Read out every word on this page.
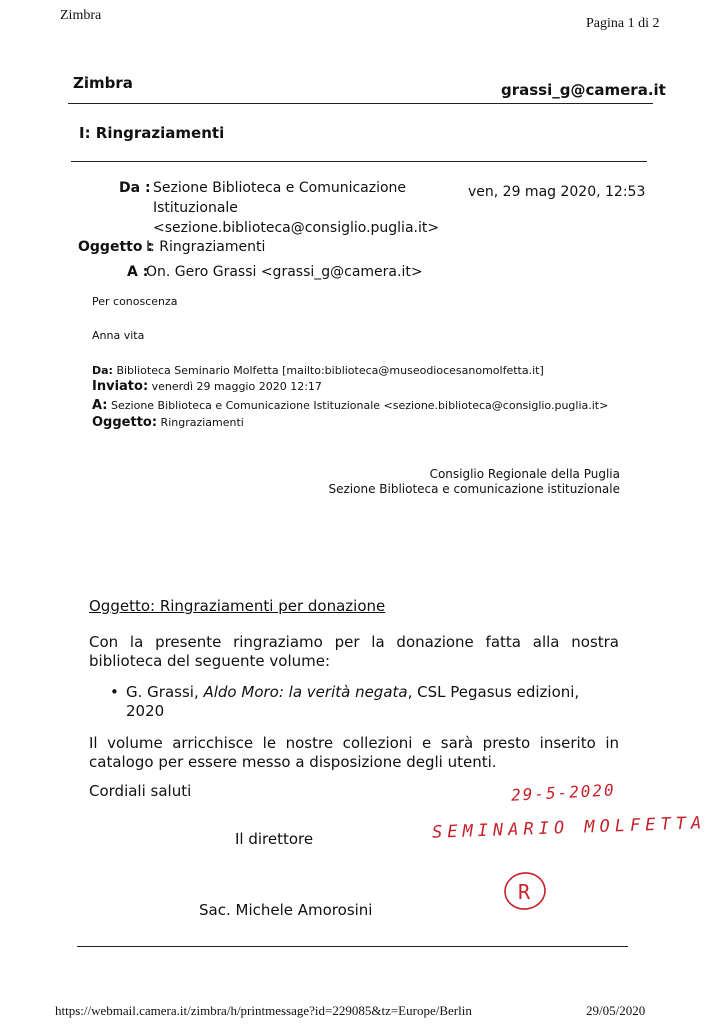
Zimbra
Pagina 1 di 2
Zimbra	grassi_g@camera.it
I: Ringraziamenti
Da : Sezione Biblioteca e Comunicazione Istituzionale <sezione.biblioteca@consiglio.puglia.it>
ven, 29 mag 2020, 12:53
Oggetto :
I: Ringraziamenti
A :
On. Gero Grassi <grassi_g@camera.it>
Per conoscenza
Anna vita
Da: Biblioteca Seminario Molfetta [mailto:biblioteca@museodiocesanomolfetta.it]
Inviato: venerdì 29 maggio 2020 12:17
A: Sezione Biblioteca e Comunicazione Istituzionale <sezione.biblioteca@consiglio.puglia.it>
Oggetto: Ringraziamenti
Consiglio Regionale della Puglia
Sezione Biblioteca e comunicazione istituzionale
Oggetto: Ringraziamenti per donazione
Con la presente ringraziamo per la donazione fatta alla nostra biblioteca del seguente volume:
• G. Grassi, Aldo Moro: la verità negata, CSL Pegasus edizioni, 2020
Il volume arricchisce le nostre collezioni e sarà presto inserito in catalogo per essere messo a disposizione degli utenti.
Cordiali saluti
Il direttore
Sac. Michele Amorosini
29-5-2020
SEMINARIO MOLFETTA
R
https://webmail.camera.it/zimbra/h/printmessage?id=229085&tz=Europe/Berlin	29/05/2020
